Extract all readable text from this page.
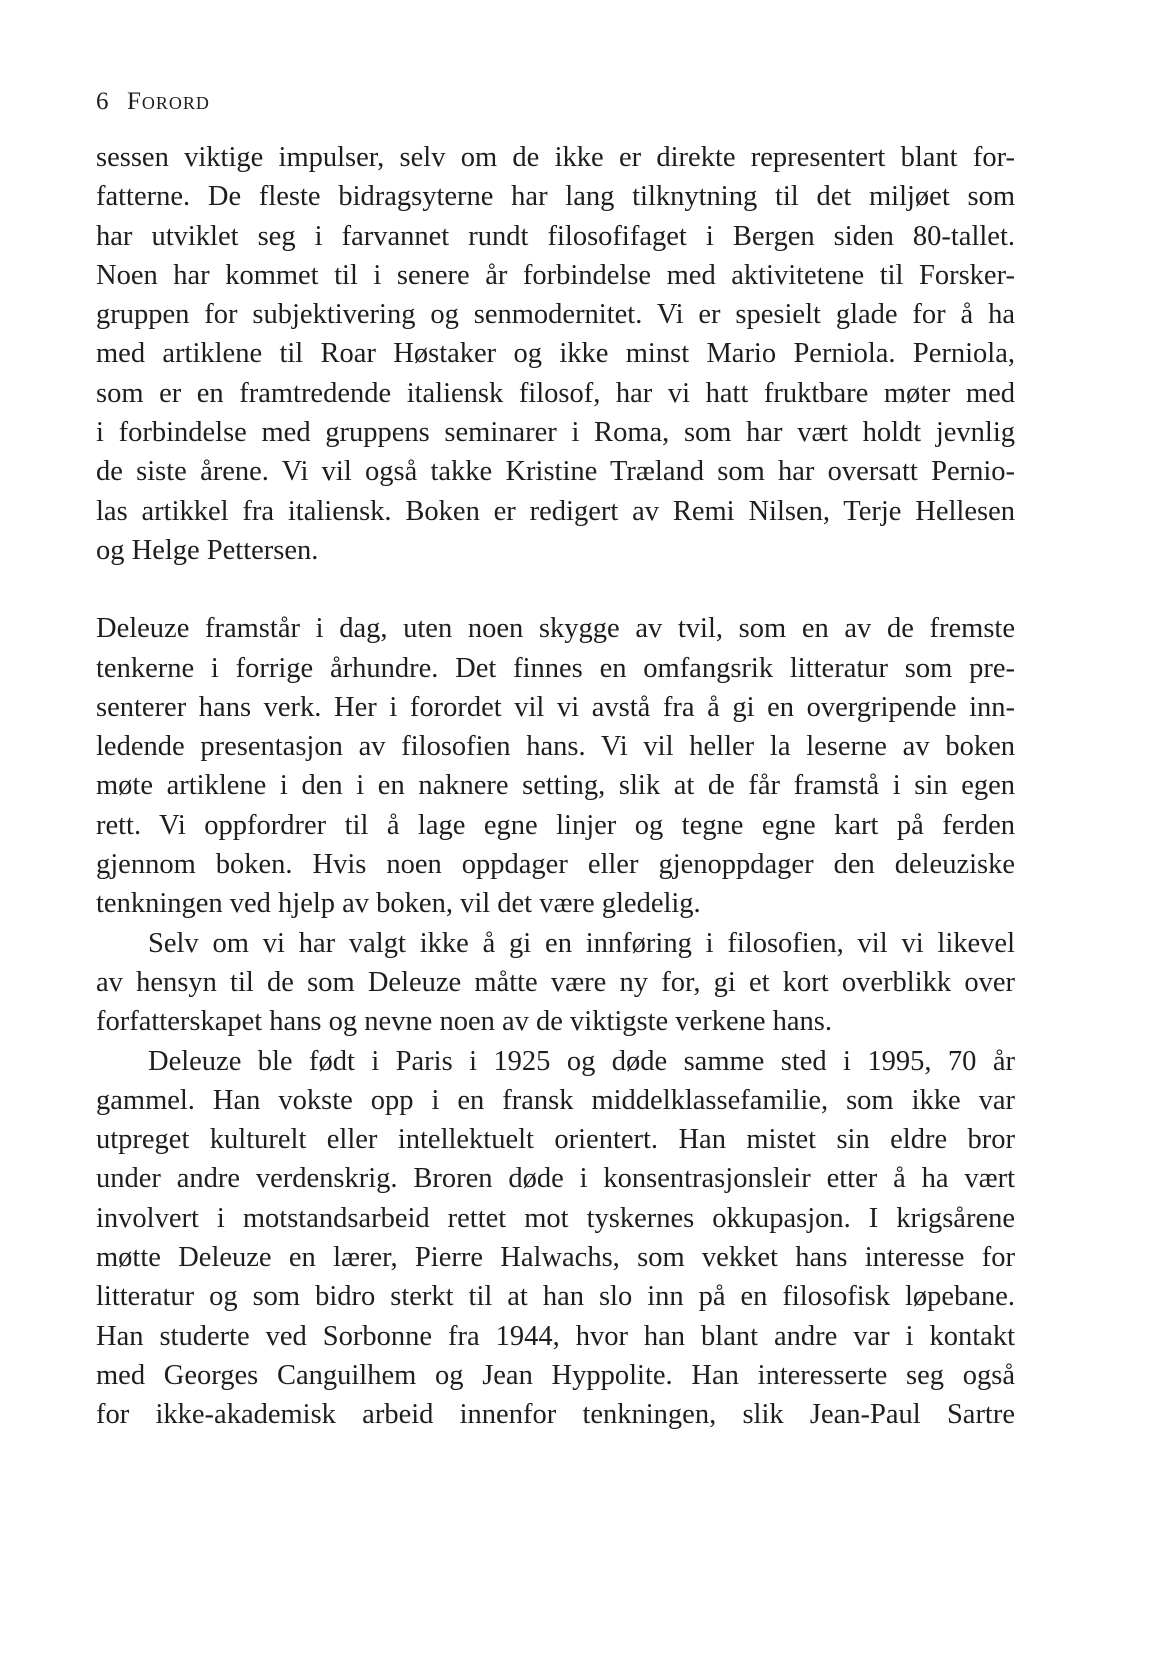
6 Forord

sessen viktige impulser, selv om de ikke er direkte representert blant for-
fatterne. De fleste bidragsyterne har lang tilknytning til det miljøet som
har utviklet seg i farvannet rundt filosofifaget i Bergen siden 80-tallet.
Noen har kommet til i senere år forbindelse med aktivitetene til Forsker-
gruppen for subjektivering og senmodernitet. Vi er spesielt glade for å ha
med artiklene til Roar Høstaker og ikke minst Mario Perniola. Perniola,
som er en framtredende italiensk filosof, har vi hatt fruktbare møter med
i forbindelse med gruppens seminarer i Roma, som har vært holdt jevnlig
de siste årene. Vi vil også takke Kristine Træland som har oversatt Pernio-
las artikkel fra italiensk. Boken er redigert av Remi Nilsen, Terje Hellesen
og Helge Pettersen.

Deleuze framstår i dag, uten noen skygge av tvil, som en av de fremste
tenkerne i forrige århundre. Det finnes en omfangsrik litteratur som pre-
senterer hans verk. Her i forordet vil vi avstå fra å gi en overgripende inn-
ledende presentasjon av filosofien hans. Vi vil heller la leserne av boken
møte artiklene i den i en naknere setting, slik at de får framstå i sin egen
rett. Vi oppfordrer til å lage egne linjer og tegne egne kart på ferden
gjennom boken. Hvis noen oppdager eller gjenoppdager den deleuziske
tenkningen ved hjelp av boken, vil det være gledelig.

Selv om vi har valgt ikke å gi en innføring i filosofien, vil vi likevel
av hensyn til de som Deleuze måtte være ny for, gi et kort overblikk over
forfatterskapet hans og nevne noen av de viktigste verkene hans.

Deleuze ble født i Paris i 1925 og døde samme sted i 1995, 70 år
gammel. Han vokste opp i en fransk middelklassefamilie, som ikke var
utpreget kulturelt eller intellektuelt orientert. Han mistet sin eldre bror
under andre verdenskrig. Broren døde i konsentrasjonsleir etter å ha vært
involvert i motstandsarbeid rettet mot tyskernes okkupasjon. I krigsårene
møtte Deleuze en lærer, Pierre Halwachs, som vekket hans interesse for
litteratur og som bidro sterkt til at han slo inn på en filosofisk løpebane.
Han studerte ved Sorbonne fra 1944, hvor han blant andre var i kontakt
med Georges Canguilhem og Jean Hyppolite. Han interesserte seg også
for ikke-akademisk arbeid innenfor tenkningen, slik Jean-Paul Sartre
